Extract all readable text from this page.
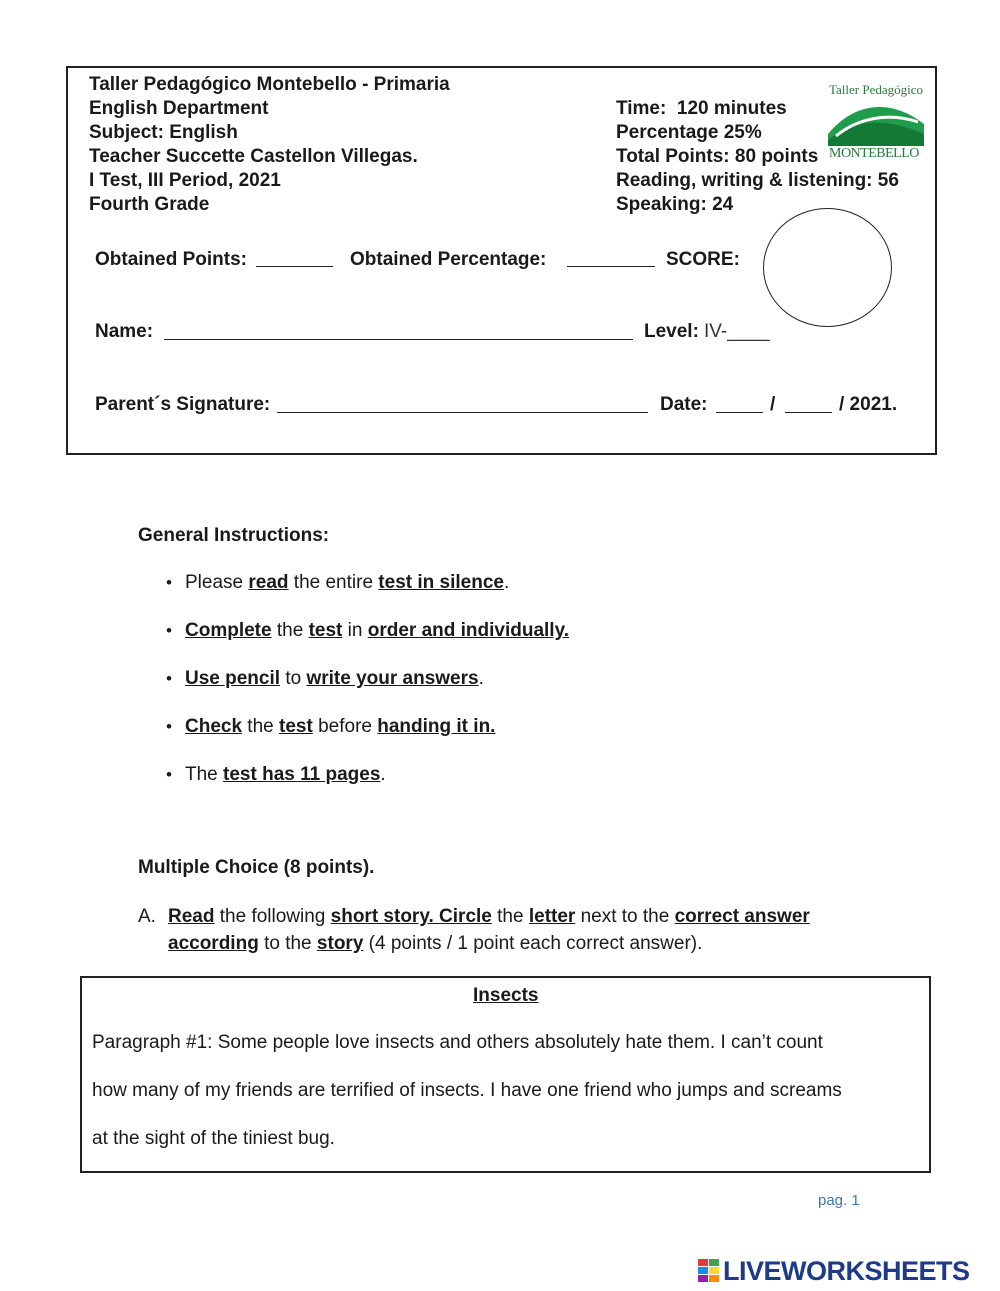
Taller Pedagógico Montebello - Primaria
English Department
Subject: English
Teacher Succette Castellon Villegas.
I Test, III Period, 2021
Fourth Grade
Time:  120 minutes
Percentage 25%
Total Points: 80 points
Reading, writing & listening: 56
Speaking: 24
Taller Pedagógico
MONTEBELLO
Obtained Points:	Obtained Percentage:	SCORE:
Name:	Level: IV-____
Parent´s Signature:	Date:	/	/ 2021.
General Instructions:
• Please read the entire test in silence.
• Complete the test in order and individually.
• Use pencil to write your answers.
• Check the test before handing it in.
• The test has 11 pages.
Multiple Choice (8 points).
A. Read the following short story. Circle the letter next to the correct answer
according to the story (4 points / 1 point each correct answer).
Insects
Paragraph #1: Some people love insects and others absolutely hate them. I can’t count
how many of my friends are terrified of insects. I have one friend who jumps and screams
at the sight of the tiniest bug.
pag. 1
LIVEWORKSHEETS
